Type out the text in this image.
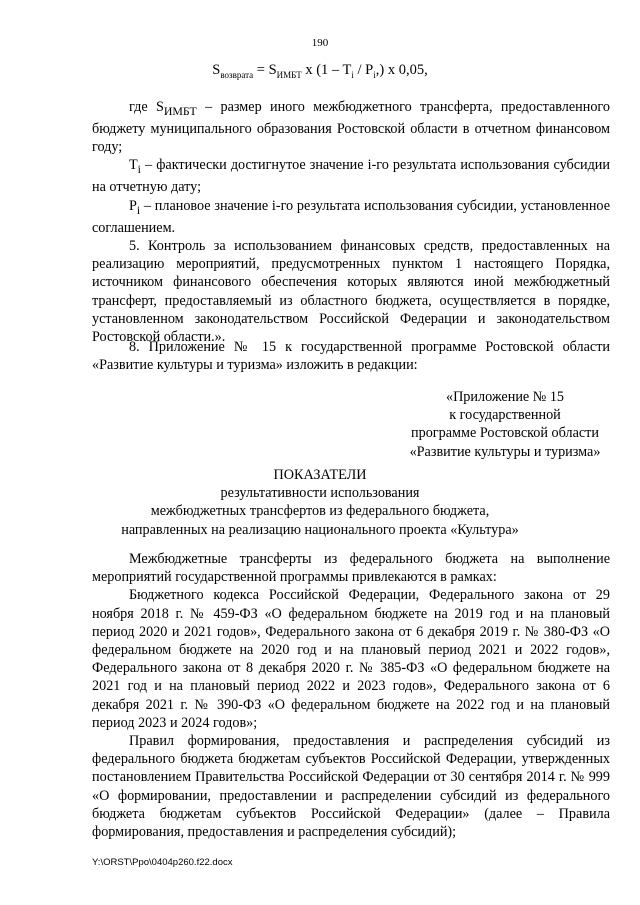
190
$S_{возврата} = S_{ИМБТ}$ x $(1 - T_i / P_i,)$ x 0,05,

где $S_{ИМБТ}$ – размер иного межбюджетного трансферта, предоставленного бюджету муниципального образования Ростовской области в отчетном финансовом году;

$T_i$ – фактически достигнутое значение i-го результата использования субсидии на отчетную дату;

$P_i$ – плановое значение i-го результата использования субсидии, установленное соглашением.

5. Контроль за использованием финансовых средств, предоставленных на реализацию мероприятий, предусмотренных пунктом 1 настоящего Порядка, источником финансового обеспечения которых являются иной межбюджетный трансферт, предоставляемый из областного бюджета, осуществляется в порядке, установленном законодательством Российской Федерации и законодательством Ростовской области.».

8. Приложение № 15 к государственной программе Ростовской области «Развитие культуры и туризма» изложить в редакции:

«Приложение № 15
к государственной
программе Ростовской области
«Развитие культуры и туризма»
ПОКАЗАТЕЛИ
результативности использования
межбюджетных трансфертов из федерального бюджета,
направленных на реализацию национального проекта «Культура»

Межбюджетные трансферты из федерального бюджета на выполнение мероприятий государственной программы привлекаются в рамках:

Бюджетного кодекса Российской Федерации, Федерального закона от 29 ноября 2018 г. № 459-ФЗ «О федеральном бюджете на 2019 год и на плановый период 2020 и 2021 годов», Федерального закона от 6 декабря 2019 г. № 380-ФЗ «О федеральном бюджете на 2020 год и на плановый период 2021 и 2022 годов», Федерального закона от 8 декабря 2020 г. № 385-ФЗ «О федеральном бюджете на 2021 год и на плановый период 2022 и 2023 годов», Федерального закона от 6 декабря 2021 г. № 390-ФЗ «О федеральном бюджете на 2022 год и на плановый период 2023 и 2024 годов»;

Правил формирования, предоставления и распределения субсидий из федерального бюджета бюджетам субъектов Российской Федерации, утвержденных постановлением Правительства Российской Федерации от 30 сентября 2014 г. № 999 «О формировании, предоставлении и распределении субсидий из федерального бюджета бюджетам субъектов Российской Федерации» (далее – Правила формирования, предоставления и распределения субсидий);

Y:\ORST\Ppo\0404p260.f22.docx
